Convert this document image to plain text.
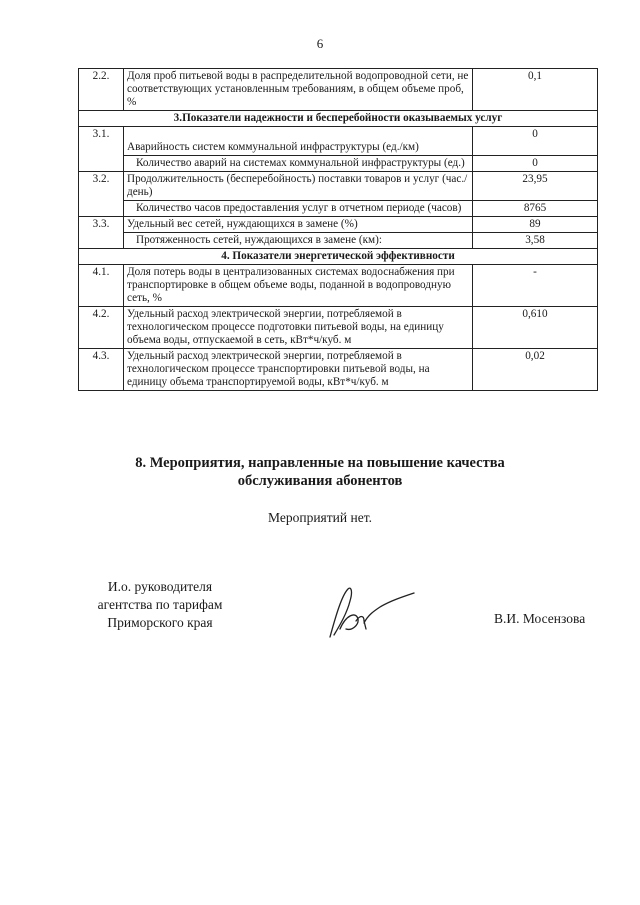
6
2.2.	Доля проб питьевой воды в распределительной водопроводной сети, не соответствующих установленным требованиям, в общем объеме проб, %	0,1
3.Показатели надежности и бесперебойности оказываемых услуг		
3.1.	Аварийность систем коммунальной инфраструктуры (ед./км)	0
	Количество аварий на системах коммунальной инфраструктуры (ед.)	0
3.2.	Продолжительность (бесперебойность) поставки товаров и услуг (час./день)	23,95
	Количество часов предоставления услуг в отчетном периоде (часов)	8765
3.3.	Удельный вес сетей, нуждающихся в замене (%)	89
	Протяженность сетей, нуждающихся в замене (км):	3,58
4. Показатели энергетической эффективности		
4.1.	Доля потерь воды в централизованных системах водоснабжения при транспортировке в общем объеме воды, поданной в водопроводную сеть, %	-
4.2.	Удельный расход электрической энергии, потребляемой в технологическом процессе подготовки питьевой воды, на единицу объема воды, отпускаемой в сеть, кВт*ч/куб. м	0,610
4.3.	Удельный расход электрической энергии, потребляемой в технологическом процессе транспортировки питьевой воды, на единицу объема транспортируемой воды, кВт*ч/куб. м	0,02
8. Мероприятия, направленные на повышение качества
обслуживания абонентов
Мероприятий нет.
И.о. руководителя
агентства по тарифам
Приморского края	В.И. Мосензова
